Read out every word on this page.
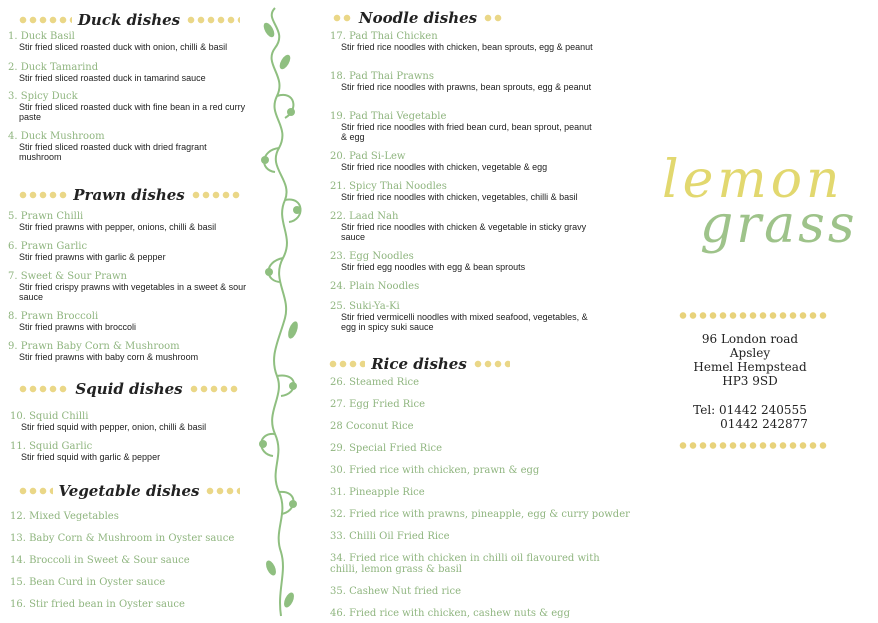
Duck dishes
1. Duck Basil
Stir fried sliced roasted duck with onion, chilli & basil
2. Duck Tamarind
Stir fried sliced roasted duck in tamarind sauce
3. Spicy Duck
Stir fried sliced roasted duck with fine bean in a red curry paste
4. Duck Mushroom
Stir fried sliced roasted duck with dried fragrant mushroom
Prawn dishes
5. Prawn Chilli
Stir fried prawns with pepper, onions, chilli & basil
6. Prawn Garlic
Stir fried prawns with garlic & pepper
7. Sweet & Sour Prawn
Stir fried crispy prawns with vegetables in a sweet & sour sauce
8. Prawn Broccoli
Stir fried prawns with broccoli
9. Prawn Baby Corn & Mushroom
Stir fried prawns with baby corn & mushroom
Squid dishes
10. Squid Chilli
Stir fried squid with pepper, onion, chilli & basil
11. Squid Garlic
Stir fried squid with garlic & pepper
Vegetable dishes
12. Mixed Vegetables
13. Baby Corn & Mushroom in Oyster sauce
14. Broccoli in Sweet & Sour sauce
15. Bean Curd in Oyster sauce
16. Stir fried bean in Oyster sauce
Noodle dishes
17. Pad Thai Chicken
Stir fried rice noodles with chicken, bean sprouts, egg & peanut
18. Pad Thai Prawns
Stir fried rice noodles with prawns, bean sprouts, egg & peanut
19. Pad Thai Vegetable
Stir fried rice noodles with fried bean curd, bean sprout, peanut & egg
20. Pad Si-Lew
Stir fried rice noodles with chicken, vegetable & egg
21. Spicy Thai Noodles
Stir fried rice noodles with chicken, vegetables, chilli & basil
22. Laad Nah
Stir fried rice noodles with chicken & vegetable in sticky gravy sauce
23. Egg Noodles
Stir fried egg noodles with egg & bean sprouts
24. Plain Noodles
25. Suki-Ya-Ki
Stir fried vermicelli noodles with mixed seafood, vegetables, & egg in spicy suki sauce
Rice dishes
26. Steamed Rice
27. Egg Fried Rice
28 Coconut Rice
29. Special Fried Rice
30. Fried rice with chicken, prawn & egg
31. Pineapple Rice
32. Fried rice with prawns, pineapple, egg & curry powder
33. Chilli Oil Fried Rice
34. Fried rice with chicken in chilli oil flavoured with chilli, lemon grass & basil
35. Cashew Nut fried rice
46. Fried rice with chicken, cashew nuts & egg
lemon
grass
96 London road
Apsley
Hemel Hempstead
HP3 9SD
Tel: 01442 240555
01442 242877
